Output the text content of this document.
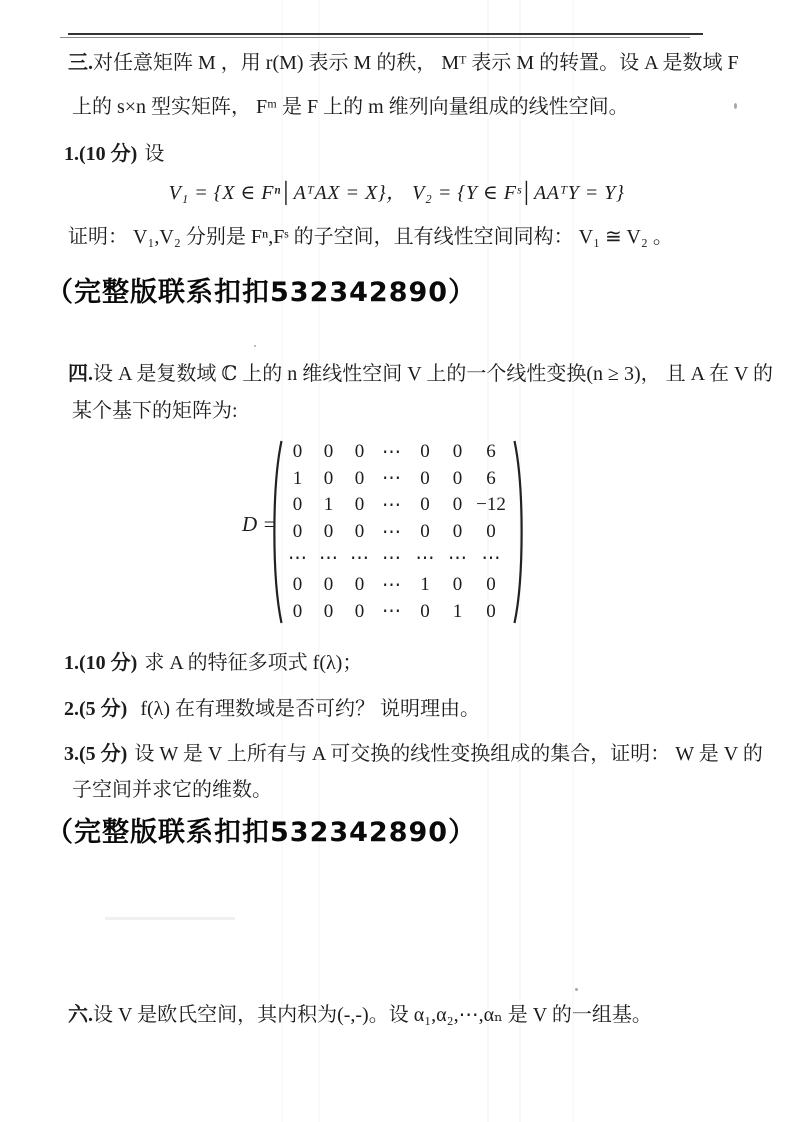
三.对任意矩阵 M ，用 r(M) 表示 M 的秩， Mᵀ 表示 M 的转置。设 A 是数域 F
上的 s×n 型实矩阵， Fᵐ 是 F 上的 m 维列向量组成的线性空间。
1.(10 分) 设
V₁ = {X ∈ Fⁿ│AᵀAX = X}， V₂ = {Y ∈ Fˢ│AAᵀY = Y}
证明： V₁,V₂ 分别是 Fⁿ,Fˢ 的子空间，且有线性空间同构： V₁ ≅ V₂ 。
（完整版联系扣扣532342890）
四.设 A 是复数域 ℂ 上的 n 维线性空间 V 上的一个线性变换(n ≥ 3)， 且 A 在 V 的
某个基下的矩阵为:
D =
0	0	0 ⋯	0	0	6
1	0	0 ⋯	0	0	6
0	1	0 ⋯	0	0 −12
0	0	0 ⋯	0	0	0
⋯ ⋯ ⋯ ⋯ ⋯ ⋯ ⋯
0	0	0 ⋯	1	0	0
0	0	0 ⋯	0	1	0
1.(10 分) 求 A 的特征多项式 f(λ)；
2.(5 分) f(λ) 在有理数域是否可约？ 说明理由。
3.(5 分) 设 W 是 V 上所有与 A 可交换的线性变换组成的集合，证明： W 是 V 的
子空间并求它的维数。
（完整版联系扣扣532342890）
六.设 V 是欧氏空间，其内积为(-,-)。设 α₁,α₂,⋯,αₙ 是 V 的一组基。
